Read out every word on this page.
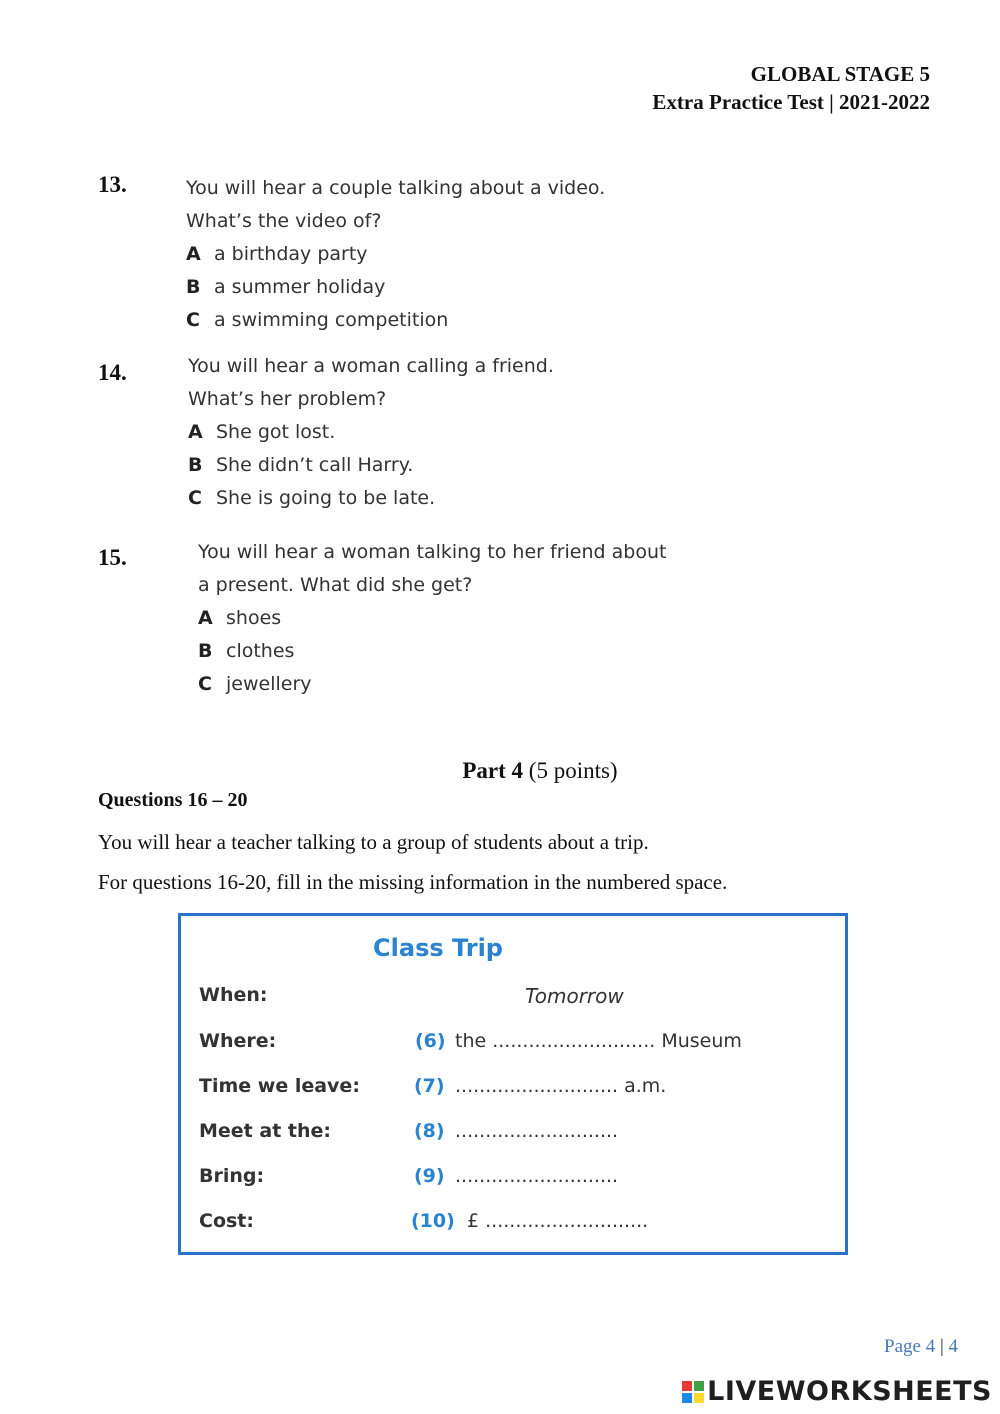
GLOBAL STAGE 5
Extra Practice Test | 2021-2022
13.	You will hear a couple talking about a video.
What’s the video of?
A a birthday party
B a summer holiday
C a swimming competition
14.	You will hear a woman calling a friend.
What’s her problem?
A She got lost.
B She didn’t call Harry.
C She is going to be late.
15.	You will hear a woman talking to her friend about
a present. What did she get?
A shoes
B clothes
C jewellery
Part 4 (5 points)
Questions 16 – 20
You will hear a teacher talking to a group of students about a trip.
For questions 16-20, fill in the missing information in the numbered space.
Class Trip
When:	Tomorrow
Where:	(6) the ........................... Museum
Time we leave:	(7) ........................... a.m.
Meet at the:	(8) ...........................
Bring:	(9) ...........................
Cost:	(10) £ ...........................
Page 4 | 4
LIVEWORKSHEETS
